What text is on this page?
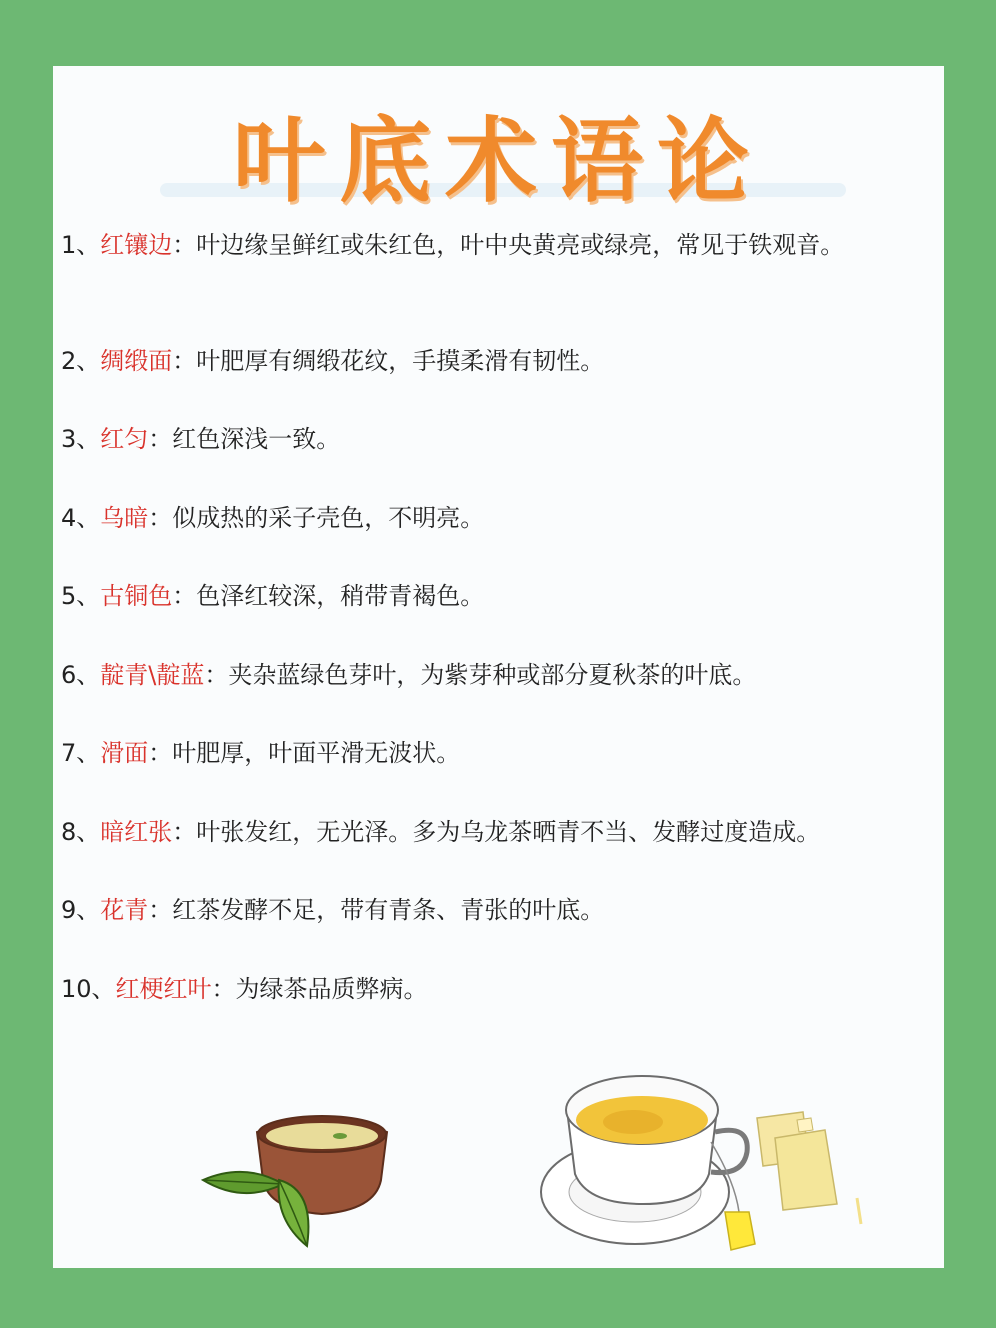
叶底术语论
1、红镶边：叶边缘呈鲜红或朱红色，叶中央黄亮或绿亮，常见于铁观音。
2、绸缎面：叶肥厚有绸缎花纹，手摸柔滑有韧性。
3、红匀：红色深浅一致。
4、乌暗：似成热的采子壳色，不明亮。
5、古铜色：色泽红较深，稍带青褐色。
6、靛青\靛蓝：夹杂蓝绿色芽叶，为紫芽种或部分夏秋茶的叶底。
7、滑面：叶肥厚，叶面平滑无波状。
8、暗红张：叶张发红，无光泽。多为乌龙茶晒青不当、发酵过度造成。
9、花青：红茶发酵不足，带有青条、青张的叶底。
10、红梗红叶：为绿茶品质弊病。
